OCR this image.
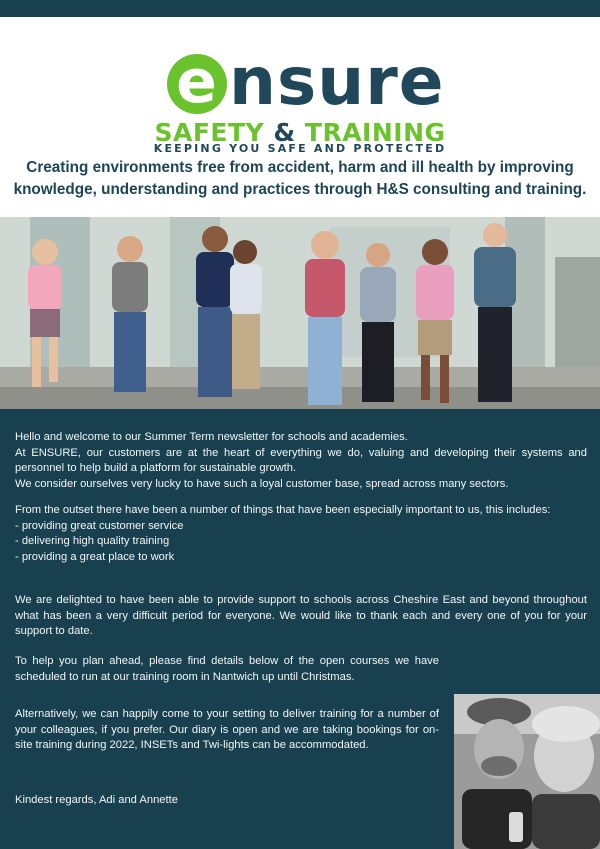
e nsure
SAFETY & TRAINING
KEEPING YOU SAFE AND PROTECTED
Creating environments free from accident, harm and ill health by improving knowledge, understanding and practices through H&S consulting and training.
Hello and welcome to our Summer Term newsletter for schools and academies.
At ENSURE, our customers are at the heart of everything we do, valuing and developing their systems and personnel to help build a platform for sustainable growth.
We consider ourselves very lucky to have such a loyal customer base, spread across many sectors.
From the outset there have been a number of things that have been especially important to us, this includes:
- providing great customer service
- delivering high quality training
- providing a great place to work
We are delighted to have been able to provide support to schools across Cheshire East and beyond throughout what has been a very difficult period for everyone. We would like to thank each and every one of you for your support to date.
To help you plan ahead, please find details below of the open courses we have scheduled to run at our training room in Nantwich up until Christmas.
Alternatively, we can happily come to your setting to deliver training for a number of your colleagues, if you prefer. Our diary is open and we are taking bookings for on-site training during 2022, INSETs and Twi-lights can be accommodated.
Kindest regards, Adi and Annette
